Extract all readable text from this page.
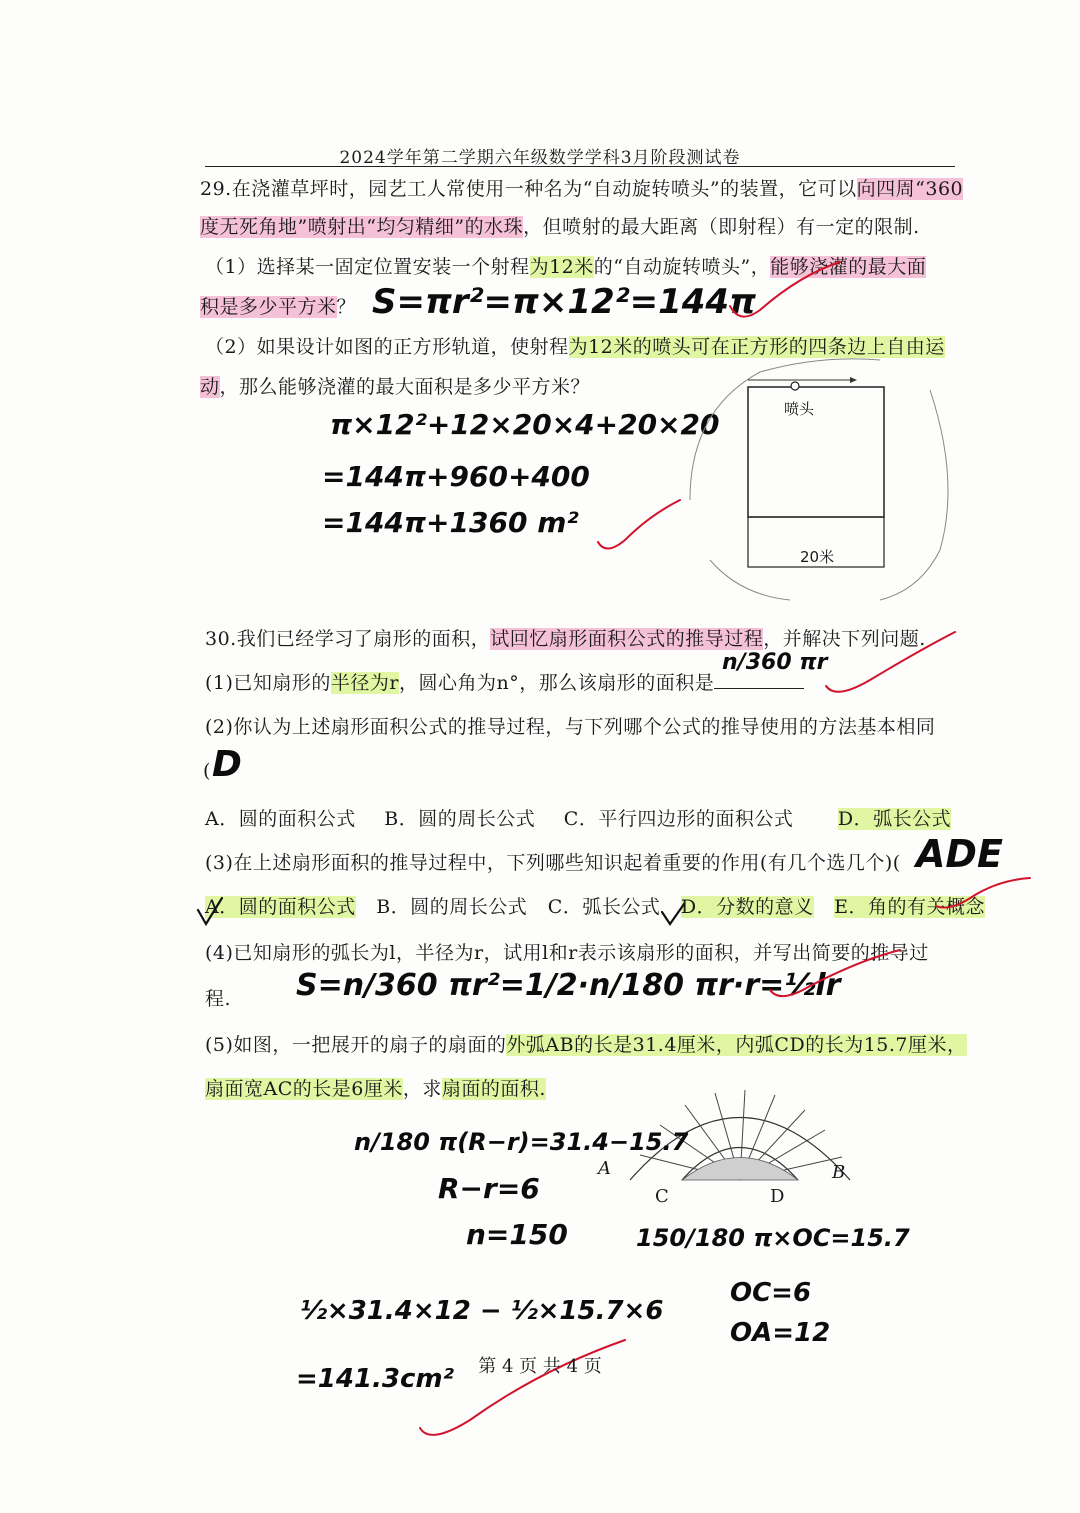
2024学年第二学期六年级数学学科3月阶段测试卷
29.在浇灌草坪时，园艺工人常使用一种名为“自动旋转喷头”的装置，它可以向四周“360
度无死角地”喷射出“均匀精细”的水珠，但喷射的最大距离（即射程）有一定的限制.
（1）选择某一固定位置安装一个射程为12米的“自动旋转喷头”，能够浇灌的最大面
积是多少平方米？ S=πr²=π×12²=144π
（2）如果设计如图的正方形轨道，使射程为12米的喷头可在正方形的四条边上自由运
动，那么能够浇灌的最大面积是多少平方米？
π×12²+12×20×4+20×20
=144π+960+400
=144π+1360 m²
喷头
20米
30.我们已经学习了扇形的面积，试回忆扇形面积公式的推导过程，并解决下列问题.
(1)已知扇形的半径为r，圆心角为n°，那么该扇形的面积是
n/360 πr
(2)你认为上述扇形面积公式的推导过程，与下列哪个公式的推导使用的方法基本相同
( D
A．圆的面积公式 B．圆的周长公式 C．平行四边形的面积公式 D．弧长公式
(3)在上述扇形面积的推导过程中，下列哪些知识起着重要的作用(有几个选几个)( ADE
A．圆的面积公式 B．圆的周长公式 C．弧长公式 D．分数的意义 E．角的有关概念
(4)已知扇形的弧长为l，半径为r，试用l和r表示该扇形的面积，并写出简要的推导过
程. S=n/360 πr²=1/2·n/180 πr·r=½lr
(5)如图，一把展开的扇子的扇面的外弧AB的长是31.4厘米，内弧CD的长为15.7厘米，
扇面宽AC的长是6厘米，求扇面的面积.
A	B
C	D
n/180 π(R−r)=31.4−15.7
R−r=6
n=150	150/180 π×OC=15.7
OC=6
OA=12
½×31.4×12 − ½×15.7×6
=141.3cm²	第 4 页 共 4 页
